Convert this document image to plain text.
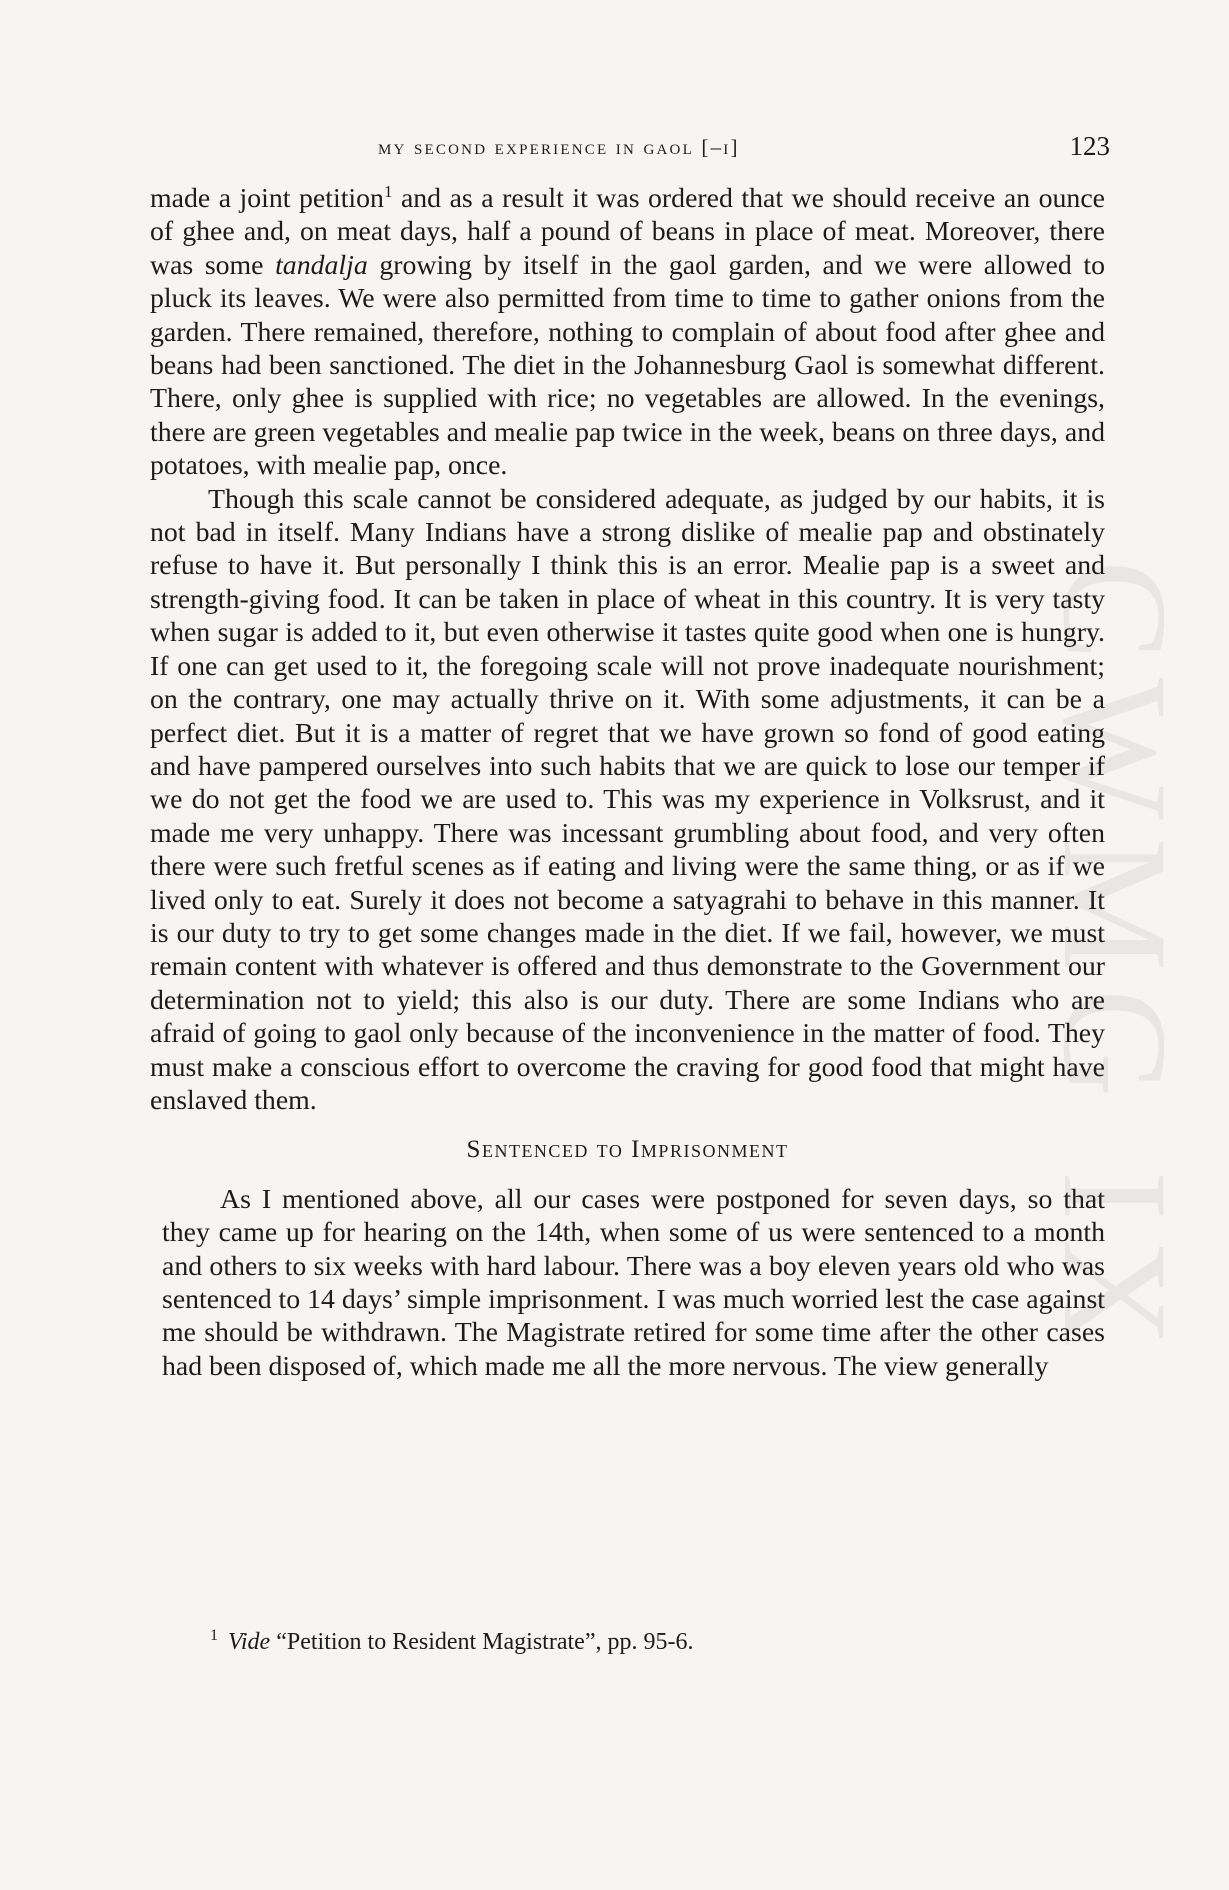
CWMG IX
my second experience in gaol [–i]	123

made a joint petition$^1$ and as a result it was ordered that we should receive an ounce of ghee and, on meat days, half a pound of beans in place of meat. Moreover, there was some tandalja growing by itself in the gaol garden, and we were allowed to pluck its leaves. We were also permitted from time to time to gather onions from the garden. There remained, therefore, nothing to complain of about food after ghee and beans had been sanctioned. The diet in the Johannesburg Gaol is somewhat different. There, only ghee is supplied with rice; no vegetables are allowed. In the evenings, there are green vegetables and mealie pap twice in the week, beans on three days, and potatoes, with mealie pap, once.

Though this scale cannot be considered adequate, as judged by our habits, it is not bad in itself. Many Indians have a strong dislike of mealie pap and obstinately refuse to have it. But personally I think this is an error. Mealie pap is a sweet and strength-giving food. It can be taken in place of wheat in this country. It is very tasty when sugar is added to it, but even otherwise it tastes quite good when one is hungry. If one can get used to it, the foregoing scale will not prove inadequate nourishment; on the contrary, one may actually thrive on it. With some adjustments, it can be a perfect diet. But it is a matter of regret that we have grown so fond of good eating and have pampered ourselves into such habits that we are quick to lose our temper if we do not get the food we are used to. This was my experience in Volksrust, and it made me very unhappy. There was incessant grumbling about food, and very often there were such fretful scenes as if eating and living were the same thing, or as if we lived only to eat. Surely it does not become a satyagrahi to behave in this manner. It is our duty to try to get some changes made in the diet. If we fail, however, we must remain content with whatever is offered and thus demonstrate to the Government our determination not to yield; this also is our duty. There are some Indians who are afraid of going to gaol only because of the inconvenience in the matter of food. They must make a conscious effort to overcome the craving for good food that might have enslaved them.

Sentenced to Imprisonment

As I mentioned above, all our cases were postponed for seven days, so that they came up for hearing on the 14th, when some of us were sentenced to a month and others to six weeks with hard labour. There was a boy eleven years old who was sentenced to 14 days’ simple imprisonment. I was much worried lest the case against me should be withdrawn. The Magistrate retired for some time after the other cases had been disposed of, which made me all the more nervous. The view generally

$^1$ Vide “Petition to Resident Magistrate”, pp. 95-6.
